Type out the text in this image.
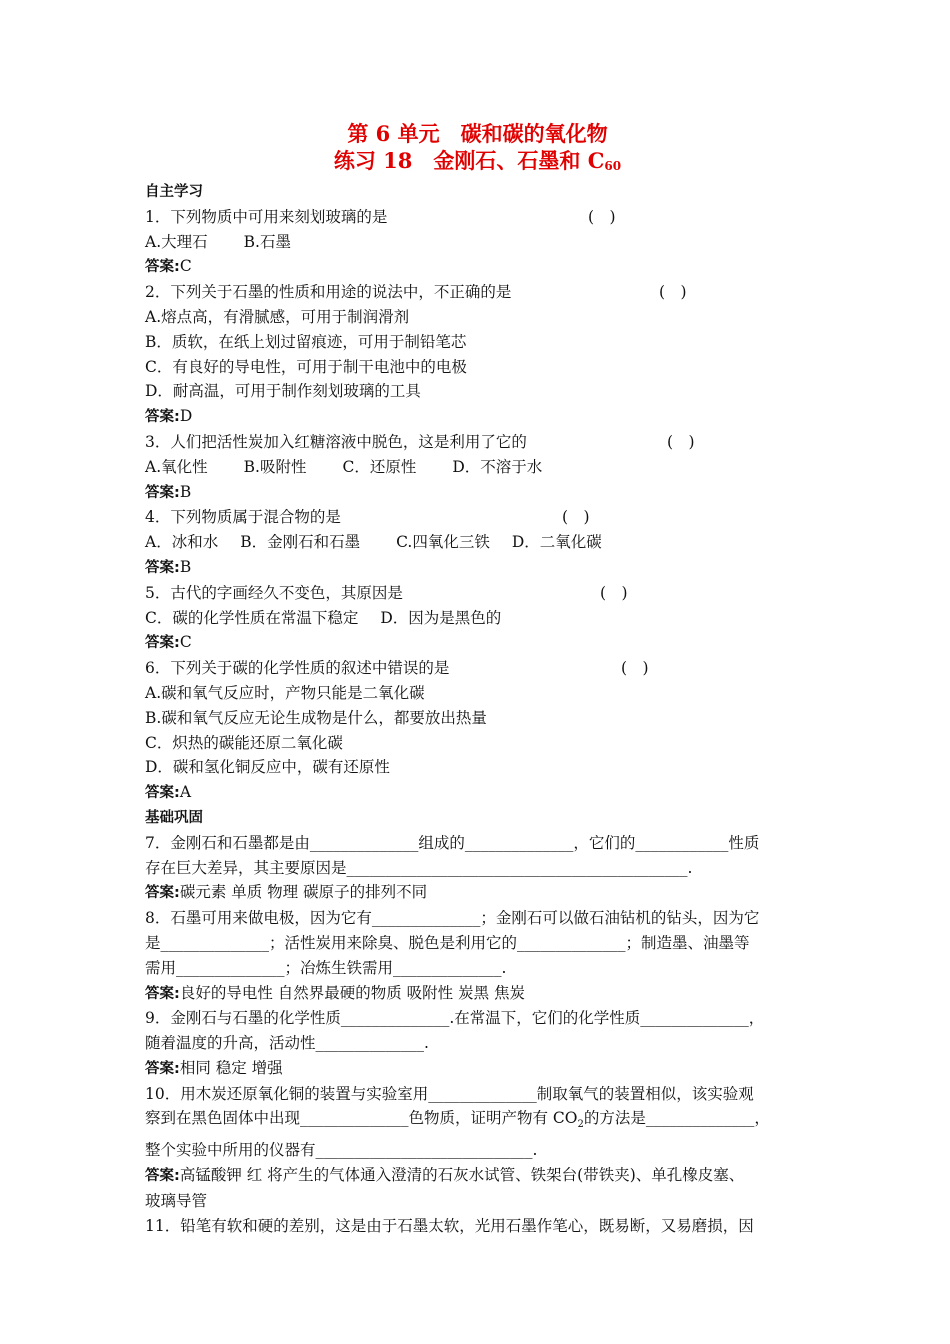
第 6 单元　碳和碳的氧化物
练习 18　金刚石、石墨和 $C_{60}$
自主学习
1．下列物质中可用来刻划玻璃的是	(　)
A.大理石 B.石墨
答案:C
2．下列关于石墨的性质和用途的说法中，不正确的是	(　)
A.熔点高，有滑腻感，可用于制润滑剂
B．质软，在纸上划过留痕迹，可用于制铅笔芯
C．有良好的导电性，可用于制干电池中的电极
D．耐高温，可用于制作刻划玻璃的工具
答案:D
3．人们把活性炭加入红糖溶液中脱色，这是利用了它的	(　)
A.氧化性 B.吸附性 C．还原性 D．不溶于水
答案:B
4．下列物质属于混合物的是	(　)
A．冰和水 B．金刚石和石墨 C.四氧化三铁 D．二氧化碳
答案:B
5．古代的字画经久不变色，其原因是	(　)
C．碳的化学性质在常温下稳定 D．因为是黑色的
答案:C
6．下列关于碳的化学性质的叙述中错误的是	(　)
A.碳和氧气反应时，产物只能是二氧化碳
B.碳和氧气反应无论生成物是什么，都要放出热量
C．炽热的碳能还原二氧化碳
D．碳和氢化铜反应中，碳有还原性
答案:A
基础巩固
7．金刚石和石墨都是由______________组成的______________，它们的____________性质
存在巨大差异，其主要原因是____________________________________________.
答案:碳元素 单质 物理 碳原子的排列不同
8．石墨可用来做电极，因为它有______________；金刚石可以做石油钻机的钻头，因为它
是______________；活性炭用来除臭、脱色是利用它的______________；制造墨、油墨等
需用______________；冶炼生铁需用______________.
答案:良好的导电性 自然界最硬的物质 吸附性 炭黑 焦炭
9．金刚石与石墨的化学性质______________.在常温下，它们的化学性质______________，
随着温度的升高，活动性______________.
答案:相同 稳定 增强
10．用木炭还原氧化铜的装置与实验室用______________制取氧气的装置相似，该实验观
察到在黑色固体中出现______________色物质，证明产物有 $CO_2$的方法是______________，
整个实验中所用的仪器有____________________________.
答案:高锰酸钾 红 将产生的气体通入澄清的石灰水试管、铁架台(带铁夹)、单孔橡皮塞、
玻璃导管
11．铅笔有软和硬的差别，这是由于石墨太软，光用石墨作笔心，既易断，又易磨损，因
